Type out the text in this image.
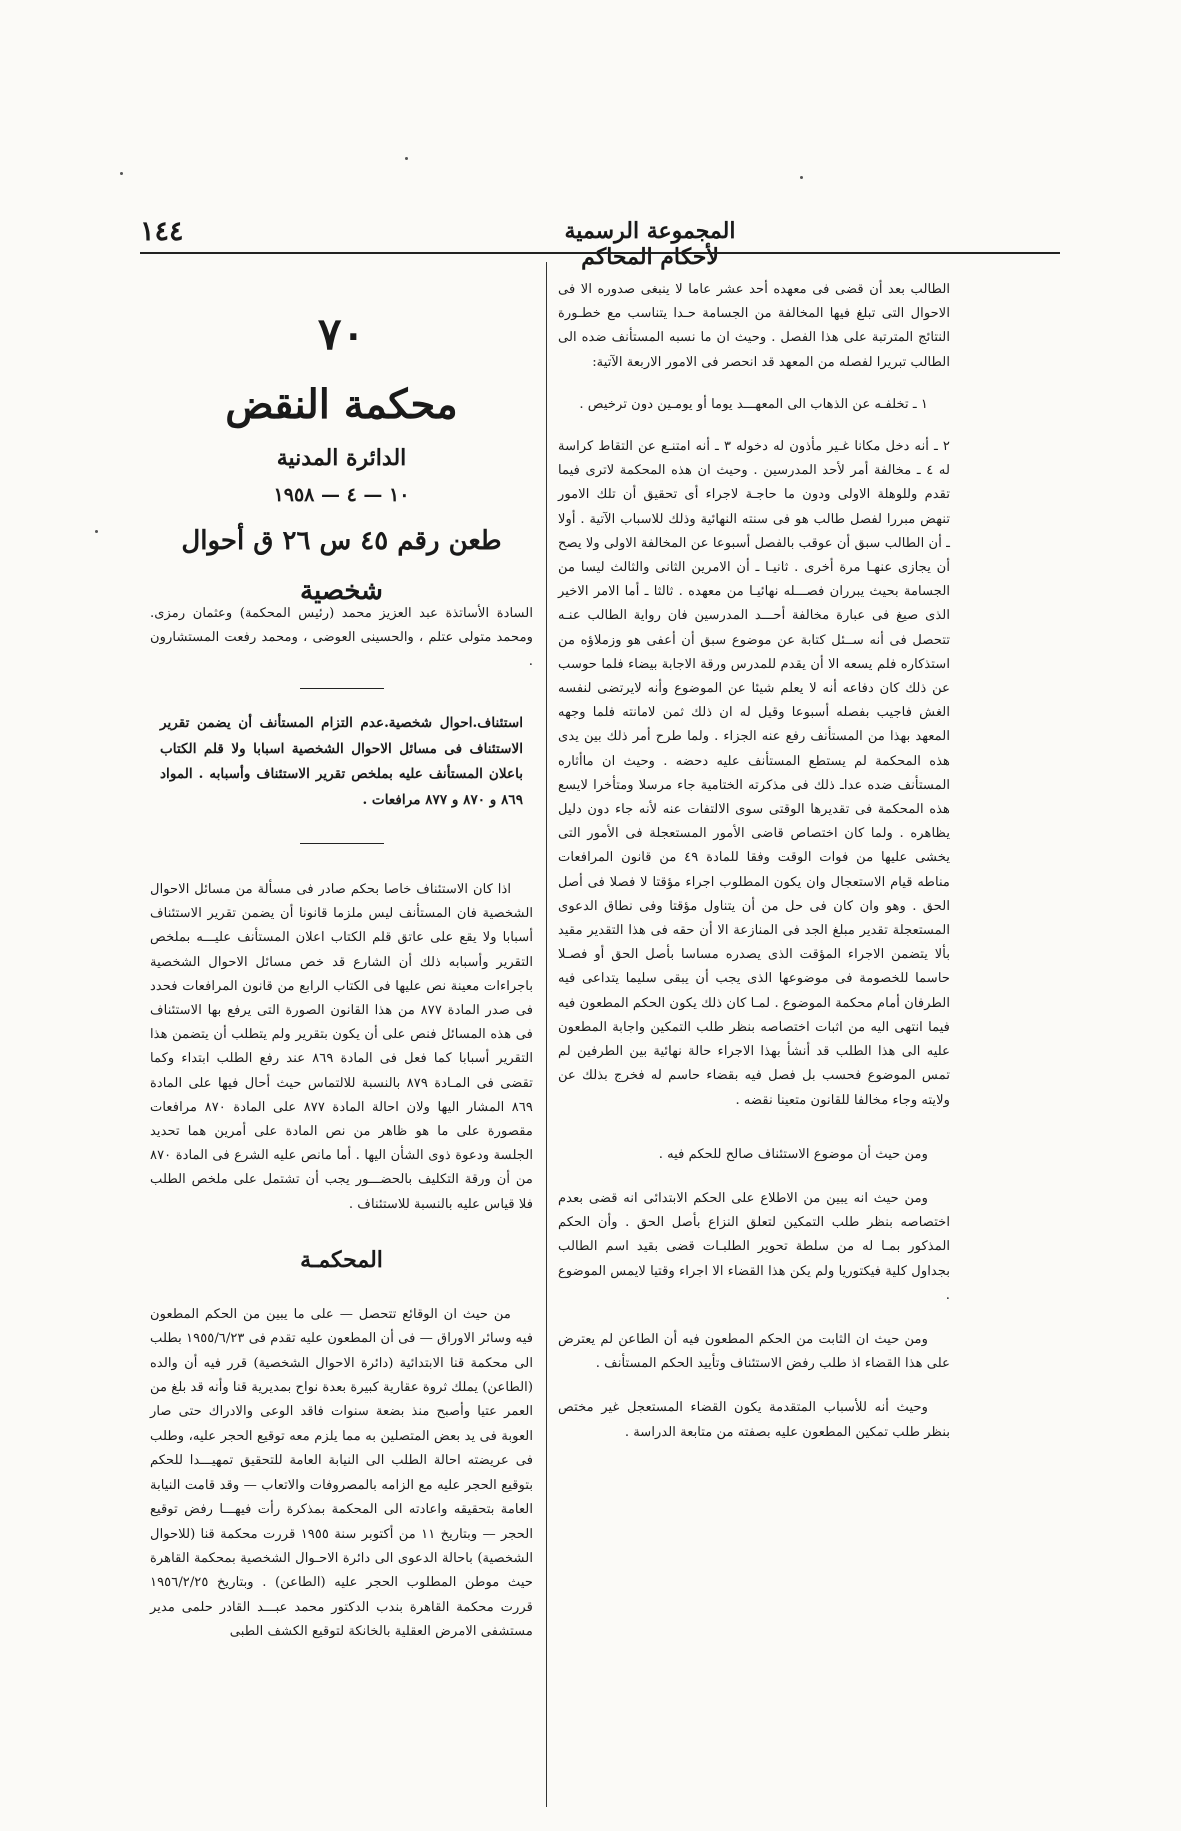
١٤٤	المجموعة الرسمية لأحكام المحاكم

الطالب بعد أن قضى فى معهده أحد عشر عاما لا ينبغى صدوره الا فى الاحوال التى تبلغ فيها المخالفة من الجسامة حـدا يتناسب مع خطـورة النتائج المترتبة على هذا الفصل . وحيث ان ما نسبه المستأنف ضده الى الطالب تبريرا لفصله من المعهد قد انحصر فى الامور الاربعة الآتية:

١ ـ تخلفـه عن الذهاب الى المعهـــد يوما أو يومـين دون ترخيص .

٢ ـ أنه دخل مكانا غـير مأذون له دخوله ٣ ـ أنه امتنـع عن التقاط كراسة له ٤ ـ مخالفة أمر لأحد المدرسين . وحيث ان هذه المحكمة لاترى فيما تقدم وللوهلة الاولى ودون ما حاجـة لاجراء أى تحقيق أن تلك الامور تنهض مبررا لفصل طالب هو فى سنته النهائية وذلك للاسباب الآتية . أولا ـ أن الطالب سبق أن عوقب بالفصل أسبوعا عن المخالفة الاولى ولا يصح أن يجازى عنهـا مرة أخرى . ثانيـا ـ أن الامرين الثانى والثالث ليسا من الجسامة بحيث يبرران فصـــله نهائيـا من معهده . ثالثا ـ أما الامر الاخير الذى صيغ فى عبارة مخالفة أحـــد المدرسين فان رواية الطالب عنـه تتحصل فى أنه ســئل كتابة عن موضوع سبق أن أعفى هو وزملاؤه من استذكاره فلم يسعه الا أن يقدم للمدرس ورقة الاجابة بيضاء فلما حوسب عن ذلك كان دفاعه أنه لا يعلم شيئا عن الموضوع وأنه لايرتضى لنفسه الغش فاجيب بفصله أسبوعا وقيل له ان ذلك ثمن لامانته فلما وجهه المعهد بهذا من المستأنف رفع عنه الجزاء . ولما طرح أمر ذلك بين يدى هذه المحكمة لم يستطع المستأنف عليه دحضه . وحيث ان ماأثاره المستأنف ضده عداـ ذلك فى مذكرته الختامية جاء مرسلا ومتأخرا لايسع هذه المحكمة فى تقديرها الوقتى سوى الالتفات عنه لأنه جاء دون دليل يظاهره . ولما كان اختصاص قاضى الأمور المستعجلة فى الأمور التى يخشى عليها من فوات الوقت وفقا للمادة ٤٩ من قانون المرافعات مناطه قيام الاستعجال وان يكون المطلوب اجراء مؤقتا لا فصلا فى أصل الحق . وهو وان كان فى حل من أن يتناول مؤقتا وفى نطاق الدعوى المستعجلة تقدير مبلغ الجد فى المنازعة الا أن حقه فى هذا التقدير مقيد بألا يتضمن الاجراء المؤقت الذى يصدره مساسا بأصل الحق أو فصـلا حاسما للخصومة فى موضوعها الذى يجب أن يبقى سليما يتداعى فيه الطرفان أمام محكمة الموضوع . لمـا كان ذلك يكون الحكم المطعون فيه فيما انتهى اليه من اثبات اختصاصه بنظر طلب التمكين واجابة المطعون عليه الى هذا الطلب قد أنشأ بهذا الاجراء حالة نهائية بين الطرفين لم تمس الموضوع فحسب بل فصل فيه بقضاء حاسم له فخرج بذلك عن ولايته وجاء مخالفا للقانون متعينا نقضه .

ومن حيث أن موضوع الاستئناف صالح للحكم فيه .

ومن حيث انه يبين من الاطلاع على الحكم الابتدائى انه قضى بعدم اختصاصه بنظر طلب التمكين لتعلق النزاع بأصل الحق . وأن الحكم المذكور بمـا له من سلطة تحوير الطلبـات قضى بقيد اسم الطالب بجداول كلية فيكتوريا ولم يكن هذا القضاء الا اجراء وقتيا لايمس الموضوع .

ومن حيث ان الثابت من الحكم المطعون فيه أن الطاعن لم يعترض على هذا القضاء اذ طلب رفض الاستئناف وتأييد الحكم المستأنف .

وحيث أنه للأسباب المتقدمة يكون القضاء المستعجل غير مختص بنظر طلب تمكين المطعون عليه بصفته من متابعة الدراسة .

٧٠
محكمة النقض
الدائرة المدنية
١٠ — ٤ — ١٩٥٨
طعن رقم ٤٥ س ٢٦ ق أحوال شخصية

السادة الأساتذة عبد العزيز محمد (رئيس المحكمة) وعثمان رمزى. ومحمد متولى عتلم ، والحسينى العوضى ، ومحمد رفعت المستشارون .

استئناف.احوال شخصية.عدم التزام المستأنف أن يضمن تقرير الاستئناف فى مسائل الاحوال الشخصية اسبابا ولا قلم الكتاب باعلان المستأنف عليه بملخص تقرير الاستئناف وأسبابه . المواد ٨٦٩ و ٨٧٠ و ٨٧٧ مرافعات .

اذا كان الاستئناف خاصا بحكم صادر فى مسألة من مسائل الاحوال الشخصية فان المستأنف ليس ملزما قانونا أن يضمن تقرير الاستئناف أسبابا ولا يقع على عاتق قلم الكتاب اعلان المستأنف عليـــه بملخص التقرير وأسبابه ذلك أن الشارع قد خص مسائل الاحوال الشخصية باجراءات معينة نص عليها فى الكتاب الرابع من قانون المرافعات فحدد فى صدر المادة ٨٧٧ من هذا القانون الصورة التى يرفع بها الاستئناف فى هذه المسائل فنص على أن يكون بتقرير ولم يتطلب أن يتضمن هذا التقرير أسبابا كما فعل فى المادة ٨٦٩ عند رفع الطلب ابتداء وكما تقضى فى المـادة ٨٧٩ بالنسبة للالتماس حيث أحال فيها على المادة ٨٦٩ المشار اليها ولان احالة المادة ٨٧٧ على المادة ٨٧٠ مرافعات مقصورة على ما هو ظاهر من نص المادة على أمرين هما تحديد الجلسة ودعوة ذوى الشأن اليها . أما مانص عليه الشرع فى المادة ٨٧٠ من أن ورقة التكليف بالحضـــور يجب أن تشتمل على ملخص الطلب فلا قياس عليه بالنسبة للاستئناف .

المحكمـة

من حيث ان الوقائع تتحصل — على ما يبين من الحكم المطعون فيه وسائر الاوراق — فى أن المطعون عليه تقدم فى ١٩٥٥/٦/٢٣ بطلب الى محكمة قنا الابتدائية (دائرة الاحوال الشخصية) قرر فيه أن والده (الطاعن) يملك ثروة عقارية كبيرة بعدة نواح بمديرية قنا وأنه قد بلغ من العمر عتيا وأصبح منذ بضعة سنوات فاقد الوعى والادراك حتى صار العوبة فى يد بعض المتصلين به مما يلزم معه توقيع الحجر عليه، وطلب فى عريضته احالة الطلب الى النيابة العامة للتحقيق تمهيـــدا للحكم بتوقيع الحجر عليه مع الزامه بالمصروفات والاتعاب — وقد قامت النيابة العامة بتحقيقه واعادته الى المحكمة بمذكرة رأت فيهـــا رفض توقيع الحجر — وبتاريخ ١١ من أكتوبر سنة ١٩٥٥ قررت محكمة قنا (للاحوال الشخصية) باحالة الدعوى الى دائرة الاحـوال الشخصية بمحكمة القاهرة حيث موطن المطلوب الحجر عليه (الطاعن) . وبتاريخ ١٩٥٦/٢/٢٥ قررت محكمة القاهرة بندب الدكتور محمد عبـــد القادر حلمى مدير مستشفى الامرض العقلية بالخانكة لتوقيع الكشف الطبى
